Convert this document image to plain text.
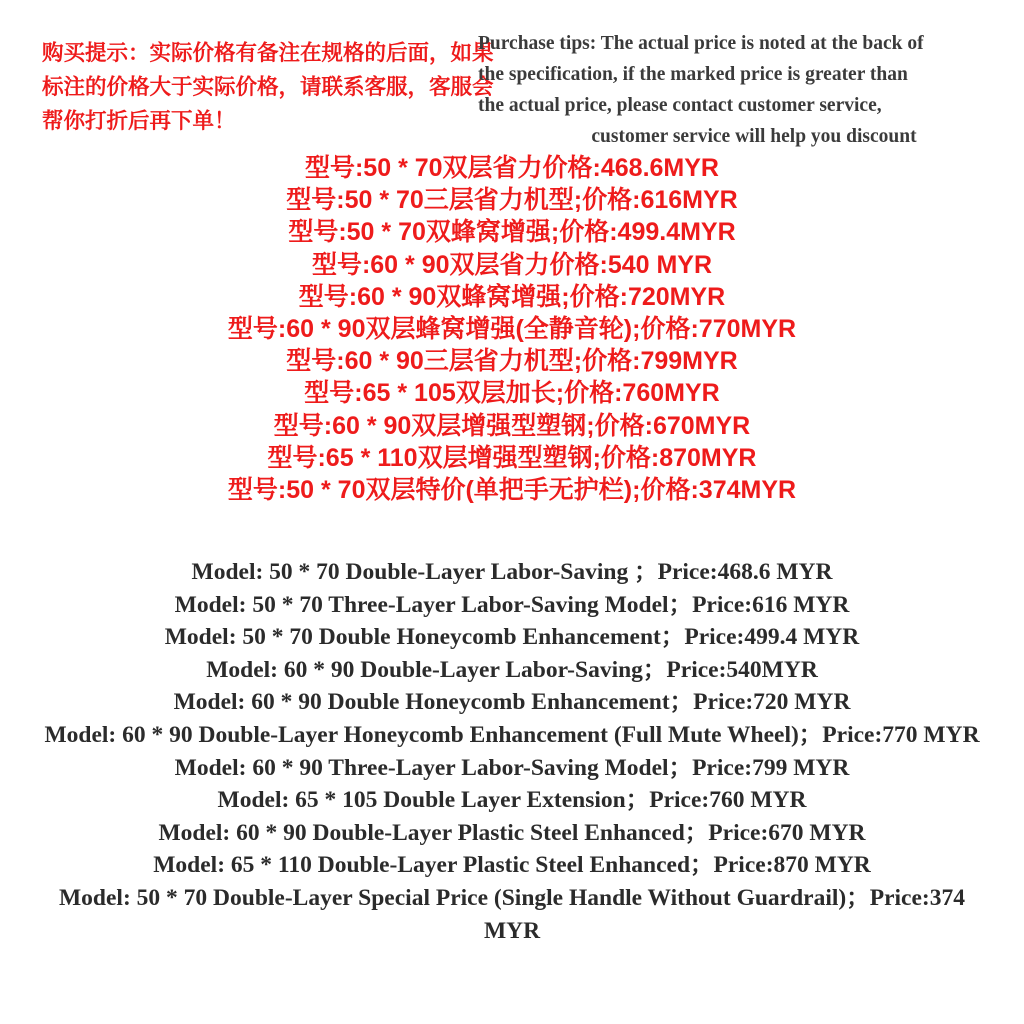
购买提示：实际价格有备注在规格的后面，如果标注的价格大于实际价格，请联系客服，客服会帮你打折后再下单！
Purchase tips: The actual price is noted at the back of
the specification, if the marked price is greater than
the actual price, please contact customer service,
customer service will help you discount
型号:50 * 70双层省力价格:468.6MYR
型号:50 * 70三层省力机型;价格:616MYR
型号:50 * 70双蜂窝增强;价格:499.4MYR
型号:60 * 90双层省力价格:540 MYR
型号:60 * 90双蜂窝增强;价格:720MYR
型号:60 * 90双层蜂窝增强(全静音轮);价格:770MYR
型号:60 * 90三层省力机型;价格:799MYR
型号:65 * 105双层加长;价格:760MYR
型号:60 * 90双层增强型塑钢;价格:670MYR
型号:65 * 110双层增强型塑钢;价格:870MYR
型号:50 * 70双层特价(单把手无护栏);价格:374MYR
Model: 50 * 70 Double-Layer Labor-Saving ；Price:468.6 MYR
Model: 50 * 70 Three-Layer Labor-Saving Model；Price:616 MYR
Model: 50 * 70 Double Honeycomb Enhancement；Price:499.4 MYR
Model: 60 * 90 Double-Layer Labor-Saving；Price:540MYR
Model: 60 * 90 Double Honeycomb Enhancement；Price:720 MYR
Model: 60 * 90 Double-Layer Honeycomb Enhancement (Full Mute Wheel)；Price:770 MYR
Model: 60 * 90 Three-Layer Labor-Saving Model；Price:799 MYR
Model: 65 * 105 Double Layer Extension；Price:760 MYR
Model: 60 * 90 Double-Layer Plastic Steel Enhanced；Price:670 MYR
Model: 65 * 110 Double-Layer Plastic Steel Enhanced；Price:870 MYR
Model: 50 * 70 Double-Layer Special Price (Single Handle Without Guardrail)；Price:374 MYR
